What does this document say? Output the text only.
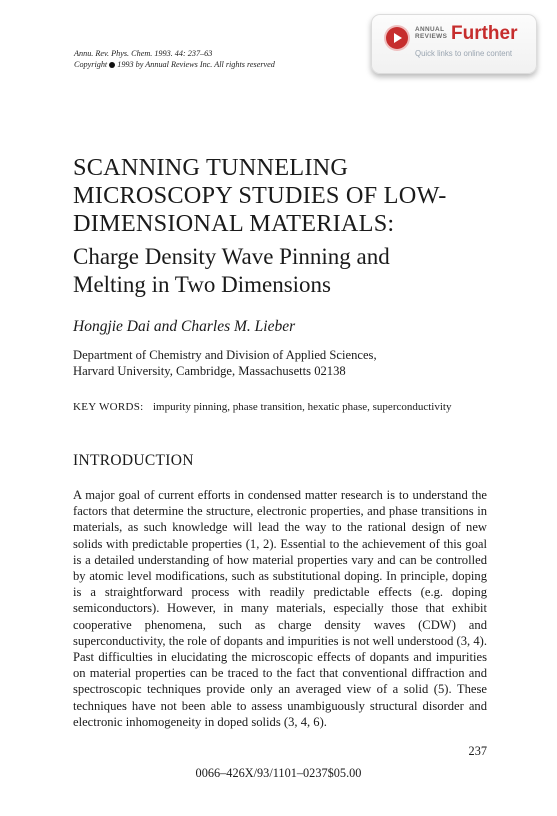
Annu. Rev. Phys. Chem. 1993. 44: 237–63
Copyright 1993 by Annual Reviews Inc. All rights reserved
ANNUAL
REVIEWS Further
Quick links to online content
SCANNING TUNNELING
MICROSCOPY STUDIES OF LOW-
DIMENSIONAL MATERIALS:
Charge Density Wave Pinning and
Melting in Two Dimensions
Hongjie Dai and Charles M. Lieber
Department of Chemistry and Division of Applied Sciences,
Harvard University, Cambridge, Massachusetts 02138
KEY WORDS: impurity pinning, phase transition, hexatic phase, superconductivity
INTRODUCTION

A major goal of current efforts in condensed matter research is to understand the factors that determine the structure, electronic properties, and phase transitions in materials, as such knowledge will lead the way to the rational design of new solids with predictable properties (1, 2). Essential to the achievement of this goal is a detailed understanding of how material properties vary and can be controlled by atomic level modifications, such as substitutional doping. In principle, doping is a straightforward process with readily predictable effects (e.g. doping semiconductors). However, in many materials, especially those that exhibit cooperative phenomena, such as charge density waves (CDW) and superconductivity, the role of dopants and impurities is not well understood (3, 4). Past difficulties in elucidating the microscopic effects of dopants and impurities on material properties can be traced to the fact that conventional diffraction and spectroscopic techniques provide only an averaged view of a solid (5). These techniques have not been able to assess unambiguously structural disorder and electronic inhomogeneity in doped solids (3, 4, 6).

237
0066–426X/93/1101–0237$05.00
